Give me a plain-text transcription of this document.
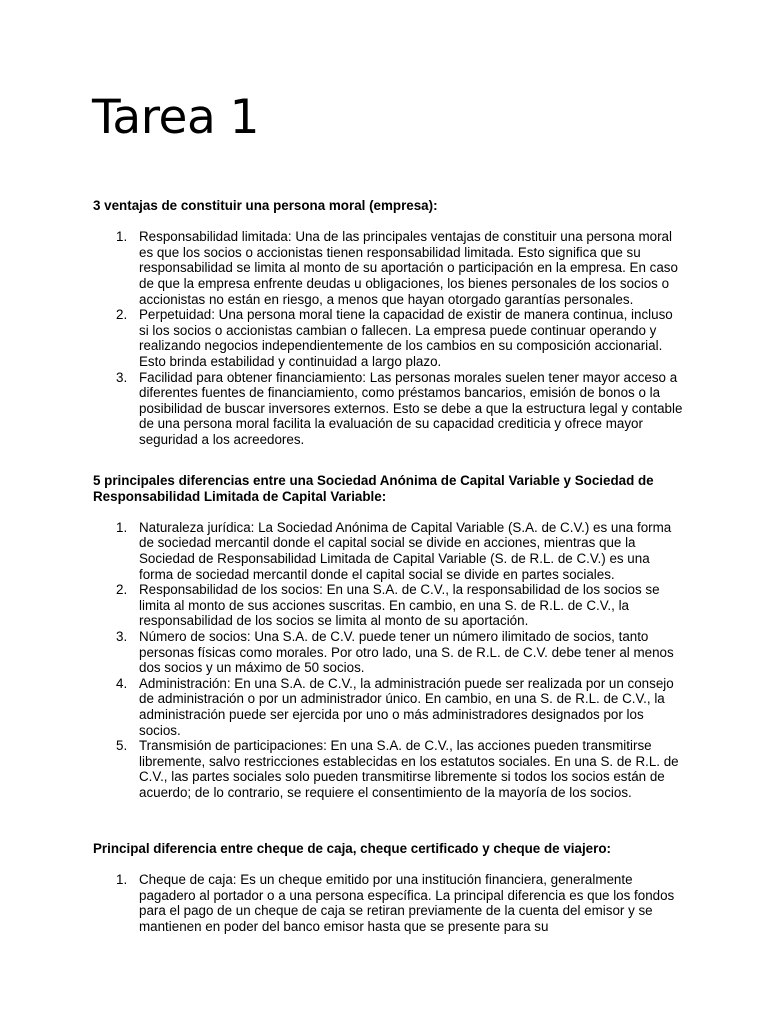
Tarea 1

3 ventajas de constituir una persona moral (empresa):

1. Responsabilidad limitada: Una de las principales ventajas de constituir una persona moral es que los socios o accionistas tienen responsabilidad limitada. Esto significa que su responsabilidad se limita al monto de su aportación o participación en la empresa. En caso de que la empresa enfrente deudas u obligaciones, los bienes personales de los socios o accionistas no están en riesgo, a menos que hayan otorgado garantías personales.
2. Perpetuidad: Una persona moral tiene la capacidad de existir de manera continua, incluso si los socios o accionistas cambian o fallecen. La empresa puede continuar operando y realizando negocios independientemente de los cambios en su composición accionarial. Esto brinda estabilidad y continuidad a largo plazo.
3. Facilidad para obtener financiamiento: Las personas morales suelen tener mayor acceso a diferentes fuentes de financiamiento, como préstamos bancarios, emisión de bonos o la posibilidad de buscar inversores externos. Esto se debe a que la estructura legal y contable de una persona moral facilita la evaluación de su capacidad crediticia y ofrece mayor seguridad a los acreedores.

5 principales diferencias entre una Sociedad Anónima de Capital Variable y Sociedad de Responsabilidad Limitada de Capital Variable:

1. Naturaleza jurídica: La Sociedad Anónima de Capital Variable (S.A. de C.V.) es una forma de sociedad mercantil donde el capital social se divide en acciones, mientras que la Sociedad de Responsabilidad Limitada de Capital Variable (S. de R.L. de C.V.) es una forma de sociedad mercantil donde el capital social se divide en partes sociales.
2. Responsabilidad de los socios: En una S.A. de C.V., la responsabilidad de los socios se limita al monto de sus acciones suscritas. En cambio, en una S. de R.L. de C.V., la responsabilidad de los socios se limita al monto de su aportación.
3. Número de socios: Una S.A. de C.V. puede tener un número ilimitado de socios, tanto personas físicas como morales. Por otro lado, una S. de R.L. de C.V. debe tener al menos dos socios y un máximo de 50 socios.
4. Administración: En una S.A. de C.V., la administración puede ser realizada por un consejo de administración o por un administrador único. En cambio, en una S. de R.L. de C.V., la administración puede ser ejercida por uno o más administradores designados por los socios.
5. Transmisión de participaciones: En una S.A. de C.V., las acciones pueden transmitirse libremente, salvo restricciones establecidas en los estatutos sociales. En una S. de R.L. de C.V., las partes sociales solo pueden transmitirse libremente si todos los socios están de acuerdo; de lo contrario, se requiere el consentimiento de la mayoría de los socios.

Principal diferencia entre cheque de caja, cheque certificado y cheque de viajero:

1. Cheque de caja: Es un cheque emitido por una institución financiera, generalmente pagadero al portador o a una persona específica. La principal diferencia es que los fondos para el pago de un cheque de caja se retiran previamente de la cuenta del emisor y se mantienen en poder del banco emisor hasta que se presente para su
